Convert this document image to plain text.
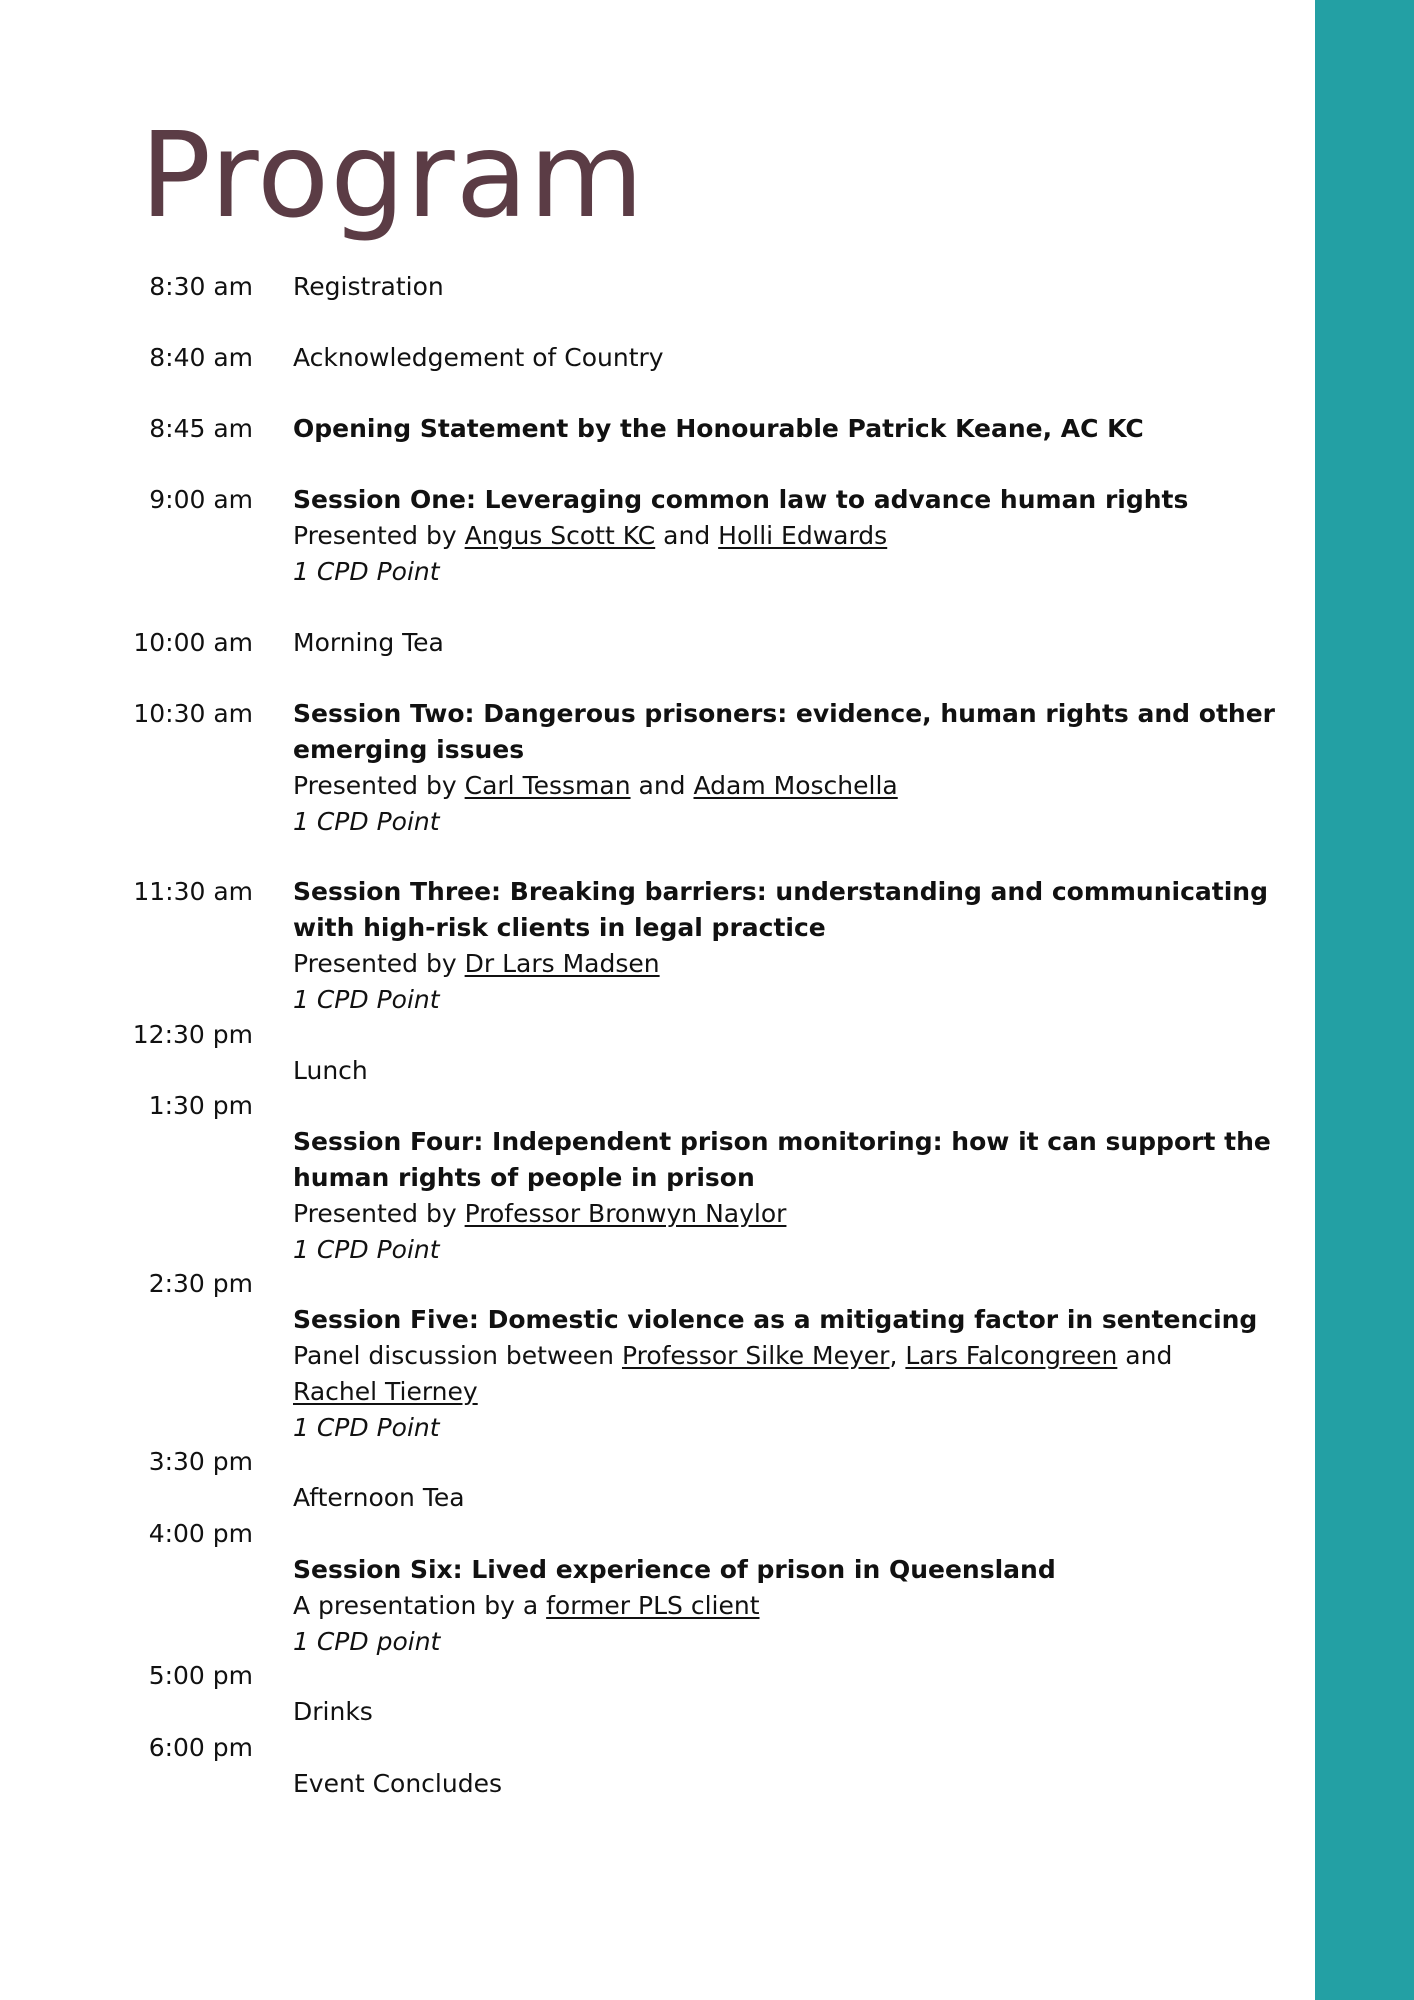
Program
8:30 am Registration
8:40 am Acknowledgement of Country
8:45 am Opening Statement by the Honourable Patrick Keane, AC KC
9:00 am Session One: Leveraging common law to advance human rights
Presented by Angus Scott KC and Holli Edwards
1 CPD Point
10:00 am Morning Tea
10:30 am Session Two: Dangerous prisoners: evidence, human rights and other
emerging issues
Presented by Carl Tessman and Adam Moschella
1 CPD Point
11:30 am Session Three: Breaking barriers: understanding and communicating
with high-risk clients in legal practice
Presented by Dr Lars Madsen
1 CPD Point
12:30 pm
Lunch
1:30 pm
Session Four: Independent prison monitoring: how it can support the
human rights of people in prison
Presented by Professor Bronwyn Naylor
1 CPD Point
2:30 pm
Session Five: Domestic violence as a mitigating factor in sentencing
Panel discussion between Professor Silke Meyer, Lars Falcongreen and
Rachel Tierney
1 CPD Point
3:30 pm
Afternoon Tea
4:00 pm
Session Six: Lived experience of prison in Queensland
A presentation by a former PLS client
1 CPD point
5:00 pm
Drinks
6:00 pm
Event Concludes
